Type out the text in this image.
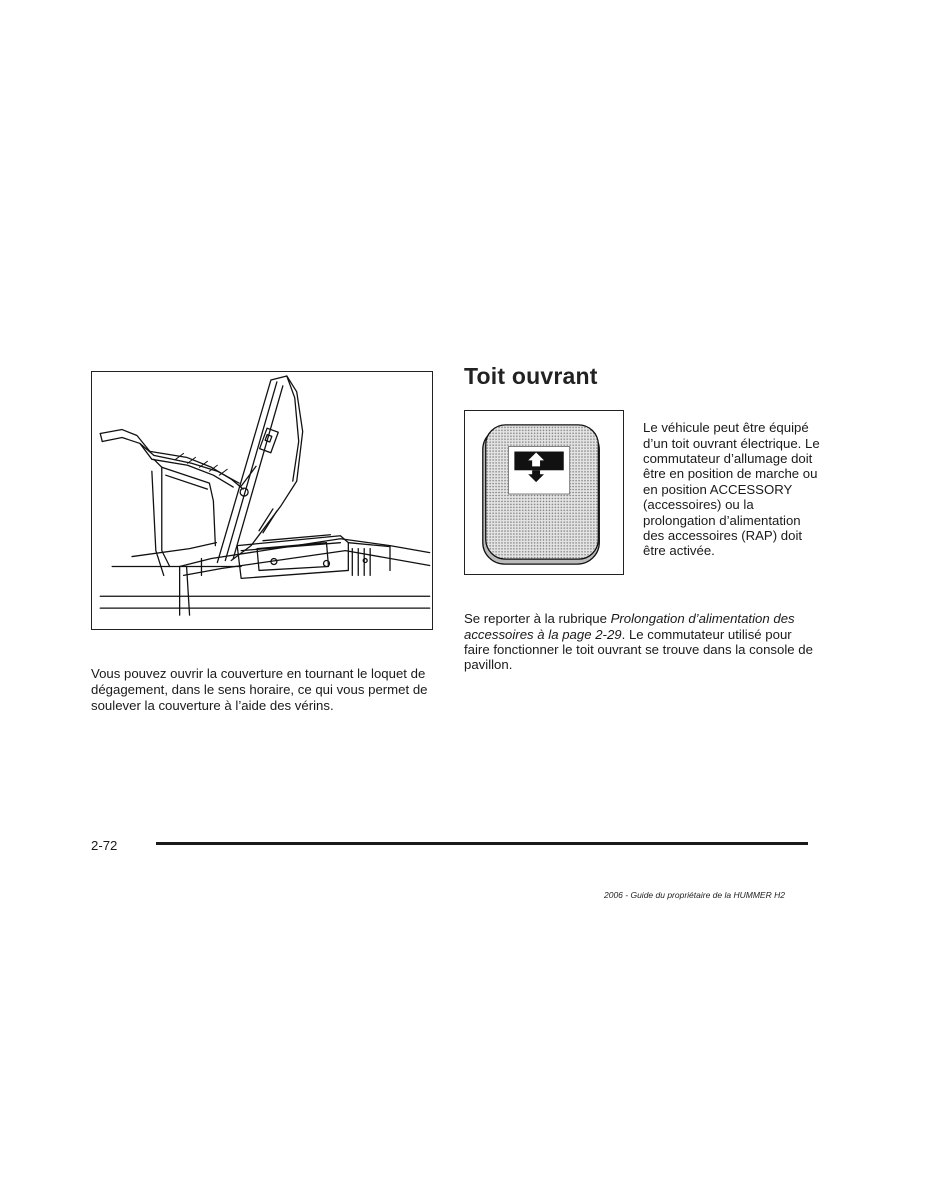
Vous pouvez ouvrir la couverture en tournant le loquet de dégagement, dans le sens horaire, ce qui vous permet de soulever la couverture à l’aide des vérins.

Toit ouvrant

Le véhicule peut être équipé d’un toit ouvrant électrique. Le commutateur d’allumage doit être en position de marche ou en position ACCESSORY (accessoires) ou la prolongation d’alimentation des accessoires (RAP) doit être activée.

Se reporter à la rubrique Prolongation d’alimentation des accessoires à la page 2-29. Le commutateur utilisé pour faire fonctionner le toit ouvrant se trouve dans la console de pavillon.

2-72
2006 - Guide du propriétaire de la HUMMER H2
